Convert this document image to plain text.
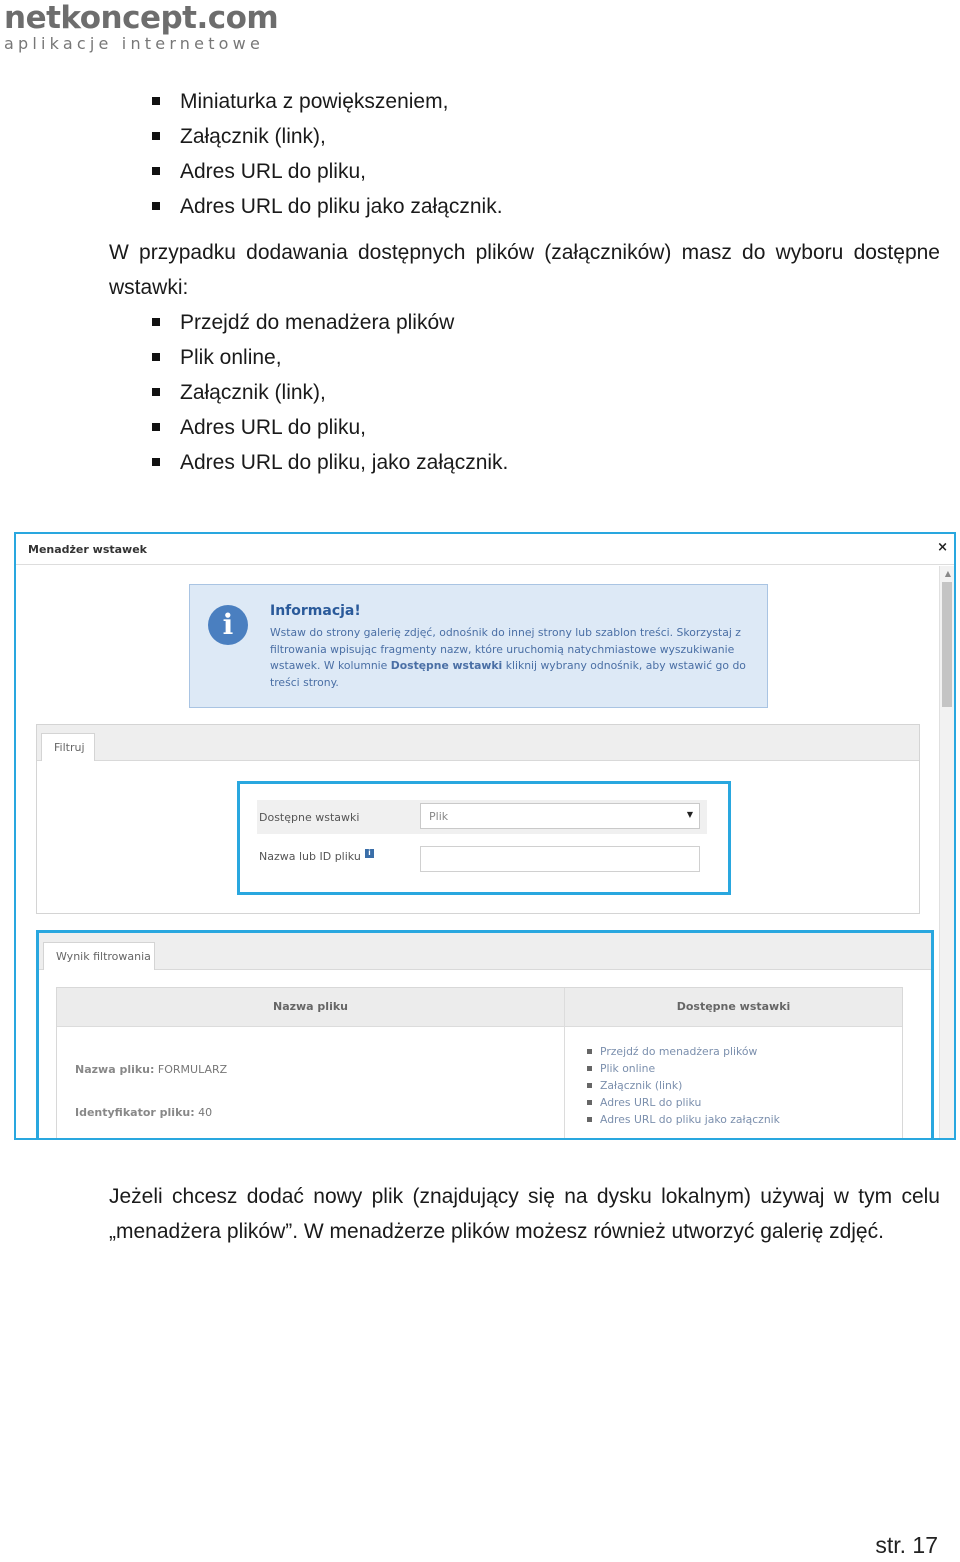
netkoncept.com
aplikacje internetowe
Miniaturka z powiększeniem,
Załącznik (link),
Adres URL do pliku,
Adres URL do pliku jako załącznik.
W przypadku dodawania dostępnych plików (załączników) masz do wyboru dostępne wstawki:
Przejdź do menadżera plików
Plik online,
Załącznik (link),
Adres URL do pliku,
Adres URL do pliku, jako załącznik.
Menadżer wstawek	×
▲
i	Informacja!
Wstaw do strony galerię zdjęć, odnośnik do innej strony lub szablon treści. Skorzystaj z filtrowania wpisując fragmenty nazw, które uruchomią natychmiastowe wyszukiwanie wstawek. W kolumnie Dostępne wstawki kliknij wybrany odnośnik, aby wstawić go do treści strony.
Filtruj
Dostępne wstawki	Plik	▼
Nazwa lub ID pliku	i
Wynik filtrowania
Nazwa pliku	Dostępne wstawki
Nazwa pliku: FORMULARZ
Identyfikator pliku: 40
Przejdź do menadżera plików
Plik online
Załącznik (link)
Adres URL do pliku
Adres URL do pliku jako załącznik
Jeżeli chcesz dodać nowy plik (znajdujący się na dysku lokalnym) używaj w tym celu „menadżera plików”. W menadżerze plików możesz również utworzyć galerię zdjęć.
str. 17
